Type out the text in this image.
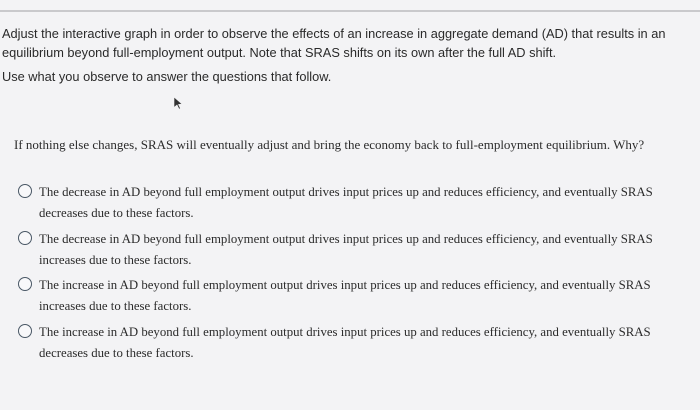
Adjust the interactive graph in order to observe the effects of an increase in aggregate demand (AD) that results in an equilibrium beyond full-employment output. Note that SRAS shifts on its own after the full AD shift.

Use what you observe to answer the questions that follow.

If nothing else changes, SRAS will eventually adjust and bring the economy back to full-employment equilibrium. Why?
The decrease in AD beyond full employment output drives input prices up and reduces efficiency, and eventually SRAS decreases due to these factors.
The decrease in AD beyond full employment output drives input prices up and reduces efficiency, and eventually SRAS increases due to these factors.
The increase in AD beyond full employment output drives input prices up and reduces efficiency, and eventually SRAS increases due to these factors.
The increase in AD beyond full employment output drives input prices up and reduces efficiency, and eventually SRAS decreases due to these factors.
